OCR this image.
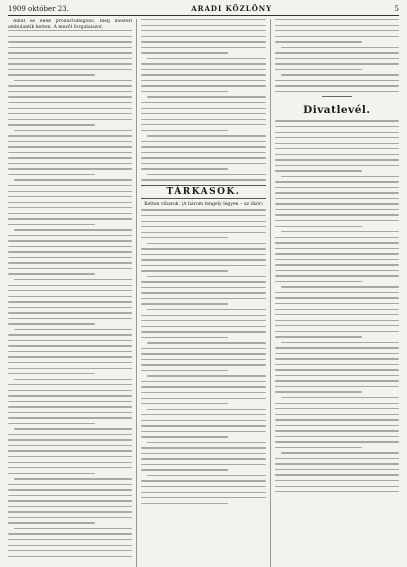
1909 október 23.	ARADI KÖZLÖNY	5

Adolf és ének productumlgozó, még mesteri ambulantik ketten. A mezőt forgataiszor,

TÁRKASOK.
Ketten viharok. (A három tengely legyen – az ökör)
Divatlevél.
